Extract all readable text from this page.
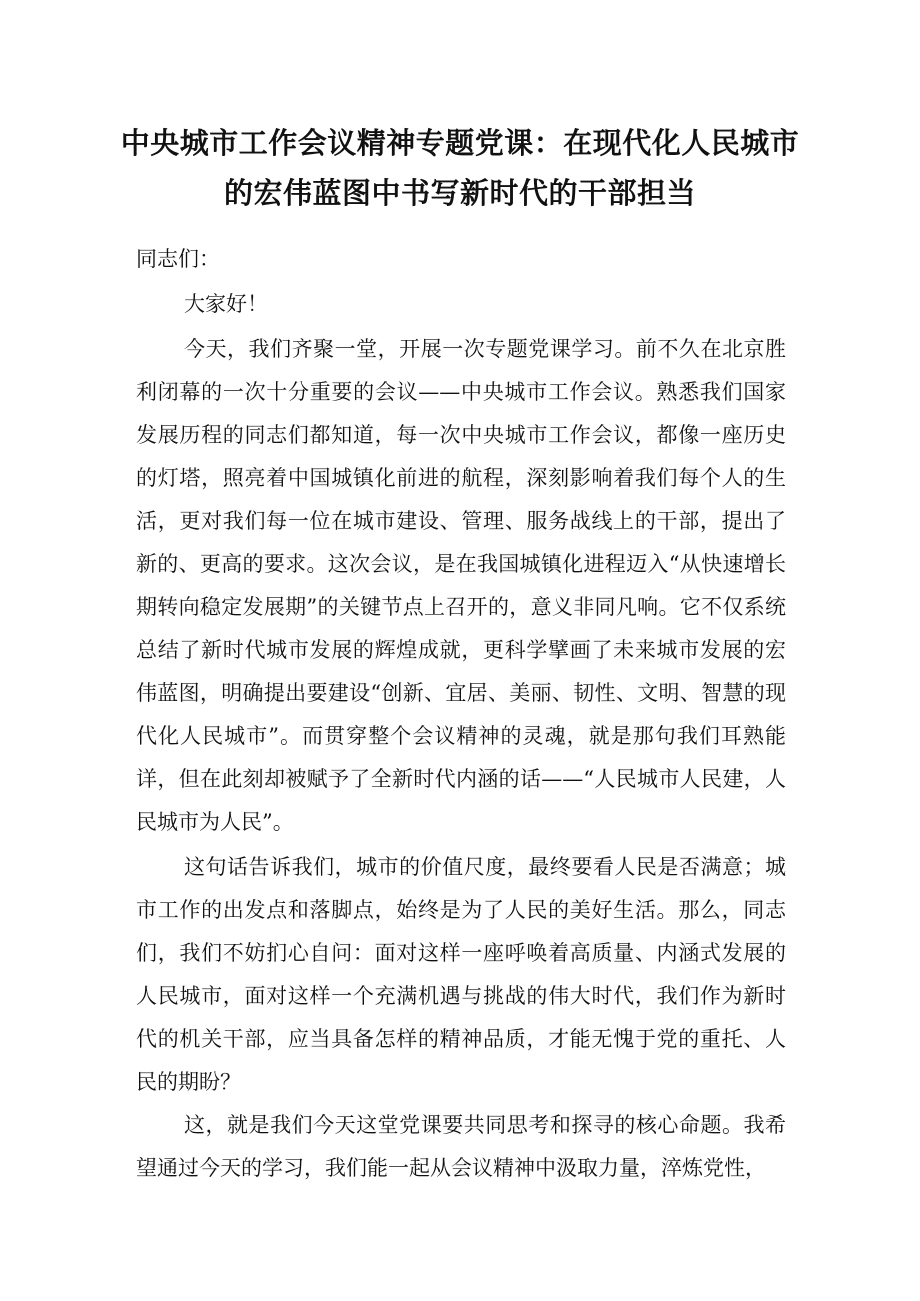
中央城市工作会议精神专题党课：在现代化人民城市
的宏伟蓝图中书写新时代的干部担当

同志们：

大家好！

今天，我们齐聚一堂，开展一次专题党课学习。前不久在北京胜利闭幕的一次十分重要的会议——中央城市工作会议。熟悉我们国家发展历程的同志们都知道，每一次中央城市工作会议，都像一座历史的灯塔，照亮着中国城镇化前进的航程，深刻影响着我们每个人的生活，更对我们每一位在城市建设、管理、服务战线上的干部，提出了新的、更高的要求。这次会议，是在我国城镇化进程迈入“从快速增长期转向稳定发展期”的关键节点上召开的，意义非同凡响。它不仅系统总结了新时代城市发展的辉煌成就，更科学擘画了未来城市发展的宏伟蓝图，明确提出要建设“创新、宜居、美丽、韧性、文明、智慧的现代化人民城市”。而贯穿整个会议精神的灵魂，就是那句我们耳熟能详，但在此刻却被赋予了全新时代内涵的话——“人民城市人民建，人民城市为人民”。

这句话告诉我们，城市的价值尺度，最终要看人民是否满意；城市工作的出发点和落脚点，始终是为了人民的美好生活。那么，同志们，我们不妨扪心自问：面对这样一座呼唤着高质量、内涵式发展的人民城市，面对这样一个充满机遇与挑战的伟大时代，我们作为新时代的机关干部，应当具备怎样的精神品质，才能无愧于党的重托、人民的期盼？

这，就是我们今天这堂党课要共同思考和探寻的核心命题。我希望通过今天的学习，我们能一起从会议精神中汲取力量，淬炼党性，
